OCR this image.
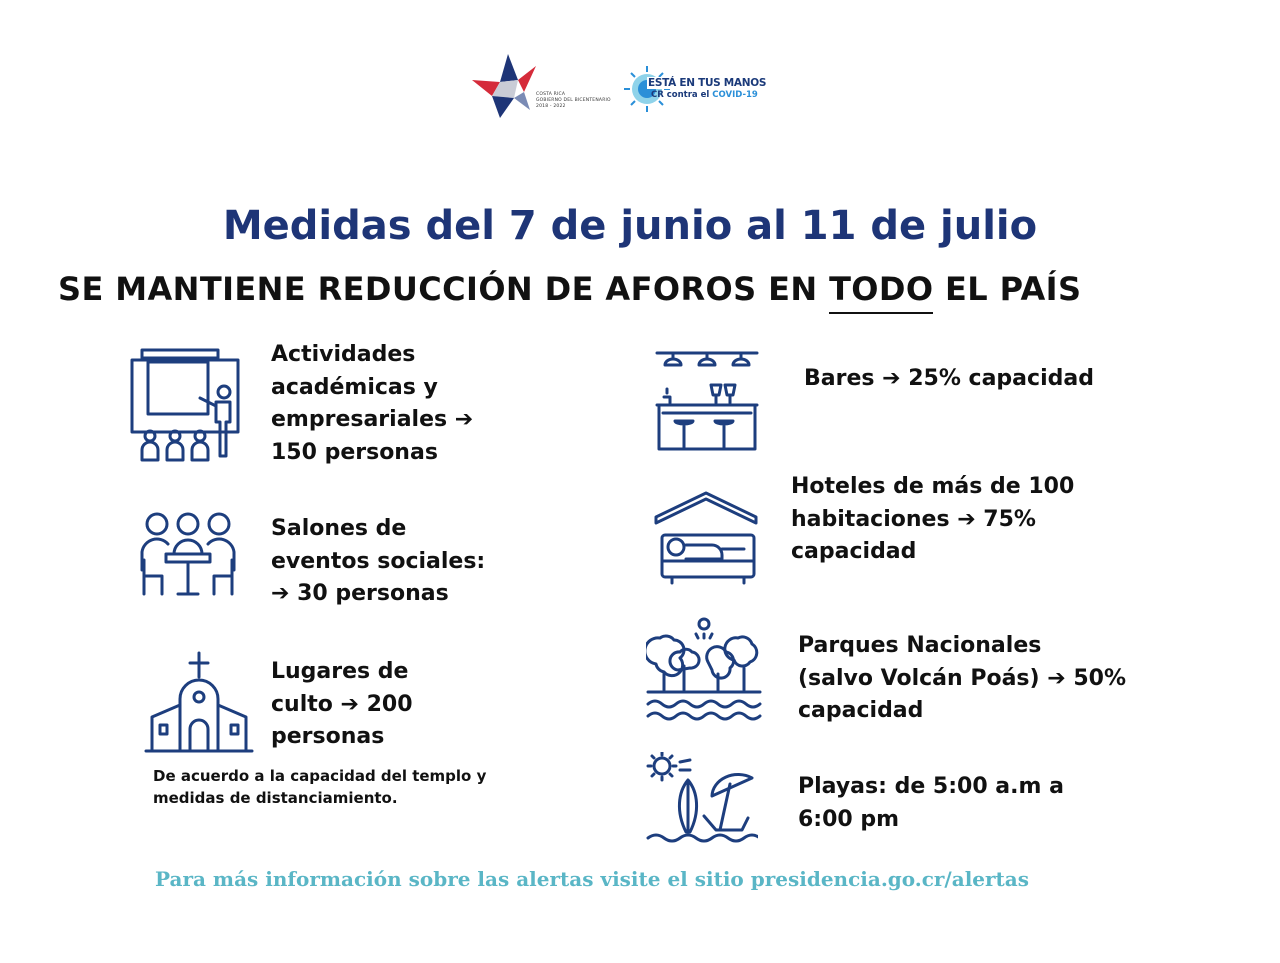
COSTA RICA
GOBIERNO DEL BICENTENARIO
2018 - 2022
ESTÁ EN TUS MANOS
CR contra el COVID-19
Medidas del 7 de junio al 11 de julio
SE MANTIENE REDUCCIÓN DE AFOROS EN TODO EL PAÍS
Actividades
académicas y
empresariales ➔
150 personas
Salones de
eventos sociales:
➔ 30 personas
Lugares de
culto ➔ 200
personas
De acuerdo a la capacidad del templo y
medidas de distanciamiento.
Bares ➔ 25% capacidad
Hoteles de más de 100
habitaciones ➔ 75%
capacidad
Parques Nacionales
(salvo Volcán Poás) ➔ 50%
capacidad
Playas: de 5:00 a.m a
6:00 pm
Para más información sobre las alertas visite el sitio presidencia.go.cr/alertas
